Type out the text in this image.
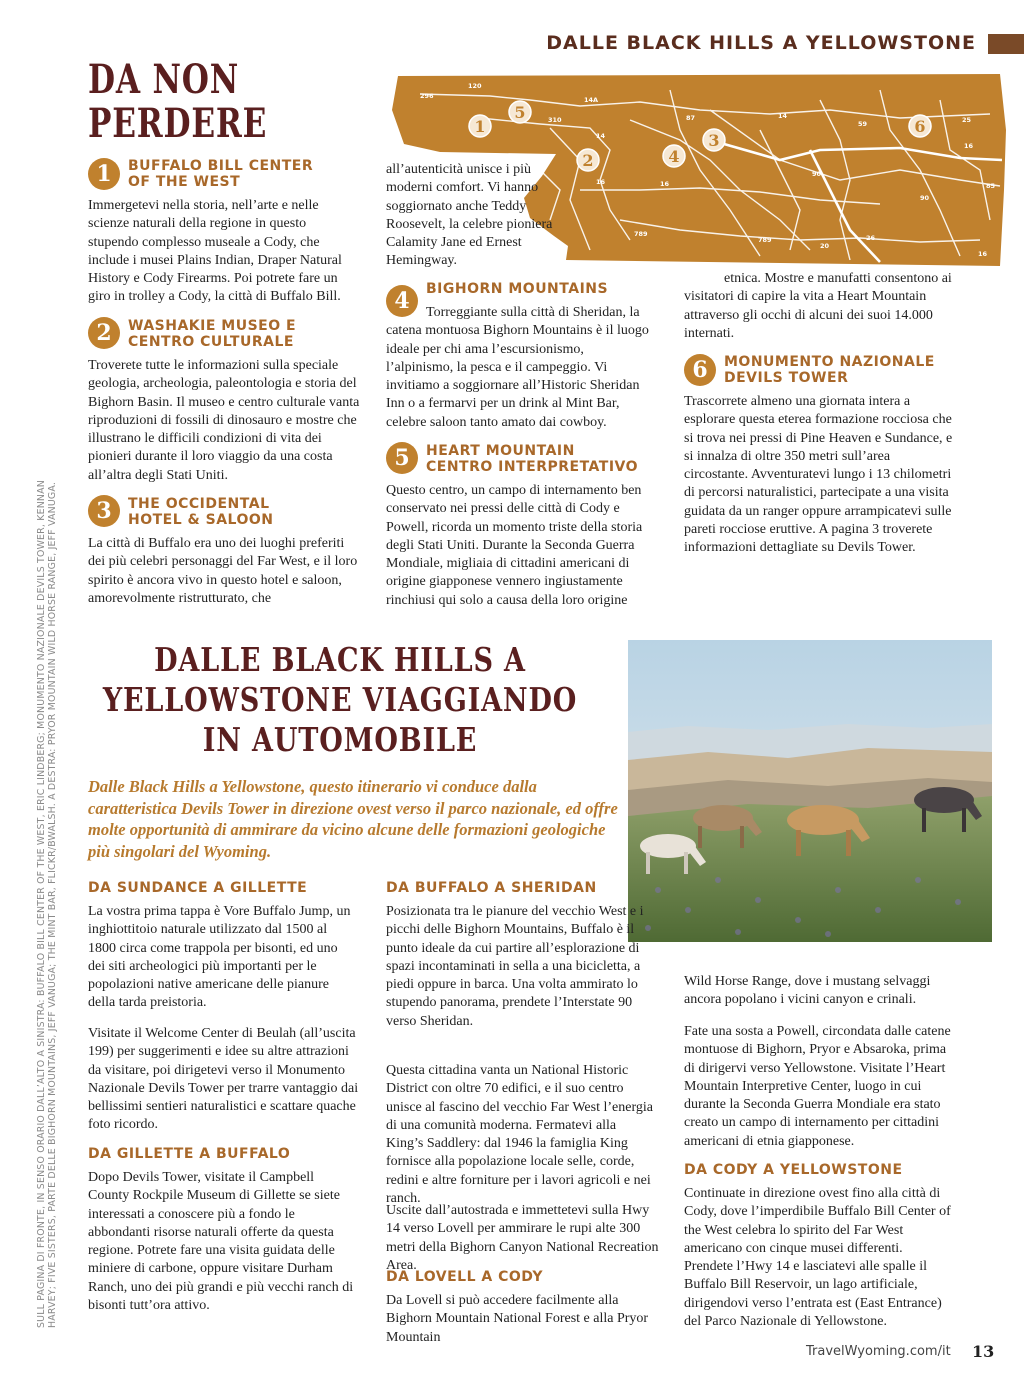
DALLE BLACK HILLS A YELLOWSTONE
DA NON
PERDERE
296
120
14A
310
14
16
87	14
90
59	25
16
85
16
789
789
20
26
90
16
1
2
3
4
5
6
1	BUFFALO BILL CENTER
OF THE WEST

Immergetevi nella storia, nell’arte e nelle scienze naturali della regione in questo stupendo complesso museale a Cody, che include i musei Plains Indian, Draper Natural History e Cody Firearms. Poi potrete fare un giro in trolley a Cody, la città di Buffalo Bill.

2	WASHAKIE MUSEO E
CENTRO CULTURALE

Troverete tutte le informazioni sulla speciale geologia, archeologia, paleontologia e storia del Bighorn Basin. Il museo e centro culturale vanta riproduzioni di fossili di dinosauro e mostre che illustrano le difficili condizioni di vita dei pionieri durante il loro viaggio da una costa all’altra degli Stati Uniti.

3	THE OCCIDENTAL
HOTEL & SALOON

La città di Buffalo era uno dei luoghi preferiti dei più celebri personaggi del Far West, e il loro spirito è ancora vivo in questo hotel e saloon, amorevolmente ristrutturato, che

all’autenticità unisce i più moderni comfort. Vi hanno soggiornato anche Teddy Roosevelt, la celebre pioniera Calamity Jane ed Ernest Hemingway.

4	BIGHORN MOUNTAINS

Torreggiante sulla città di Sheridan, la catena montuosa Bighorn Mountains è il luogo ideale per chi ama l’escursionismo, l’alpinismo, la pesca e il campeggio. Vi invitiamo a soggiornare all’Historic Sheridan Inn o a fermarvi per un drink al Mint Bar, celebre saloon tanto amato dai cowboy.

5	HEART MOUNTAIN
CENTRO INTERPRETATIVO

Questo centro, un campo di internamento ben conservato nei pressi delle città di Cody e Powell, ricorda un momento triste della storia degli Stati Uniti. Durante la Seconda Guerra Mondiale, migliaia di cittadini americani di origine giapponese vennero ingiustamente rinchiusi qui solo a causa della loro origine

etnica. Mostre e manufatti consentono ai visitatori di capire la vita a Heart Mountain attraverso gli occhi di alcuni dei suoi 14.000 internati.

6	MONUMENTO NAZIONALE
DEVILS TOWER

Trascorrete almeno una giornata intera a esplorare questa eterea formazione rocciosa che si trova nei pressi di Pine Heaven e Sundance, e si innalza di oltre 350 metri sull’area circostante. Avventuratevi lungo i 13 chilometri di percorsi naturalistici, partecipate a una visita guidata da un ranger oppure arrampicatevi sulle pareti rocciose eruttive. A pagina 3 troverete informazioni dettagliate su Devils Tower.

DALLE BLACK HILLS A
YELLOWSTONE VIAGGIANDO
IN AUTOMOBILE

Dalle Black Hills a Yellowstone, questo itinerario vi conduce dalla caratteristica Devils Tower in direzione ovest verso il parco nazionale, ed offre molte opportunità di ammirare da vicino alcune delle formazioni geologiche più singolari del Wyoming.

DA SUNDANCE A GILLETTE

La vostra prima tappa è Vore Buffalo Jump, un inghiottitoio naturale utilizzato dal 1500 al 1800 circa come trappola per bisonti, ed uno dei siti archeologici più importanti per le popolazioni native americane delle pianure della tarda preistoria.

Visitate il Welcome Center di Beulah (all’uscita 199) per suggerimenti e idee su altre attrazioni da visitare, poi dirigetevi verso il Monumento Nazionale Devils Tower per trarre vantaggio dai bellissimi sentieri naturalistici e scattare quache foto ricordo.

DA GILLETTE A BUFFALO

Dopo Devils Tower, visitate il Campbell County Rockpile Museum di Gillette se siete interessati a conoscere più a fondo le abbondanti risorse naturali offerte da questa regione. Potrete fare una visita guidata delle miniere di carbone, oppure visitare Durham Ranch, uno dei più grandi e più vecchi ranch di bisonti tutt’ora attivo.

DA BUFFALO A SHERIDAN

Posizionata tra le pianure del vecchio West e i picchi delle Bighorn Mountains, Buffalo è il punto ideale da cui partire all’esplorazione di spazi incontaminati in sella a una bicicletta, a piedi oppure in barca. Una volta ammirato lo stupendo panorama, prendete l’Interstate 90 verso Sheridan.

Questa cittadina vanta un National Historic District con oltre 70 edifici, e il suo centro unisce al fascino del vecchio Far West l’energia di una comunità moderna. Fermatevi alla King’s Saddlery: dal 1946 la famiglia King fornisce alla popolazione locale selle, corde, redini e altre forniture per i lavori agricoli e nei ranch.

Uscite dall’autostrada e immettetevi sulla Hwy 14 verso Lovell per ammirare le rupi alte 300 metri della Bighorn Canyon National Recreation Area.

DA LOVELL A CODY

Da Lovell si può accedere facilmente alla Bighorn Mountain National Forest e alla Pryor Mountain

Wild Horse Range, dove i mustang selvaggi ancora popolano i vicini canyon e crinali.

Fate una sosta a Powell, circondata dalle catene montuose di Bighorn, Pryor e Absaroka, prima di dirigervi verso Yellowstone. Visitate l’Heart Mountain Interpretive Center, luogo in cui durante la Seconda Guerra Mondiale era stato creato un campo di internamento per cittadini americani di etnia giapponese.

DA CODY A YELLOWSTONE

Continuate in direzione ovest fino alla città di Cody, dove l’imperdibile Buffalo Bill Center of the West celebra lo spirito del Far West americano con cinque musei differenti. Prendete l’Hwy 14 e lasciatevi alle spalle il Buffalo Bill Reservoir, un lago artificiale, dirigendovi verso l’entrata est (East Entrance) del Parco Nazionale di Yellowstone.

SULL PAGINA DI FRONTE, IN SENSO ORARIO DALL’ALTO A SINISTRA: BUFFALO BILL CENTER OF THE WEST, ERIC LINDBERG; MONUMENTO NAZIONALE DEVILS TOWER, KENNAN HARVEY; FIVE SISTERS, PARTE DELLE BIGHORN MOUNTAINS, JEFF VANUGA; THE MINT BAR, FLICKR/BWALSH. A DESTRA: PRYOR MOUNTAIN WILD HORSE RANGE, JEFF VANUGA.
TravelWyoming.com/it 13
